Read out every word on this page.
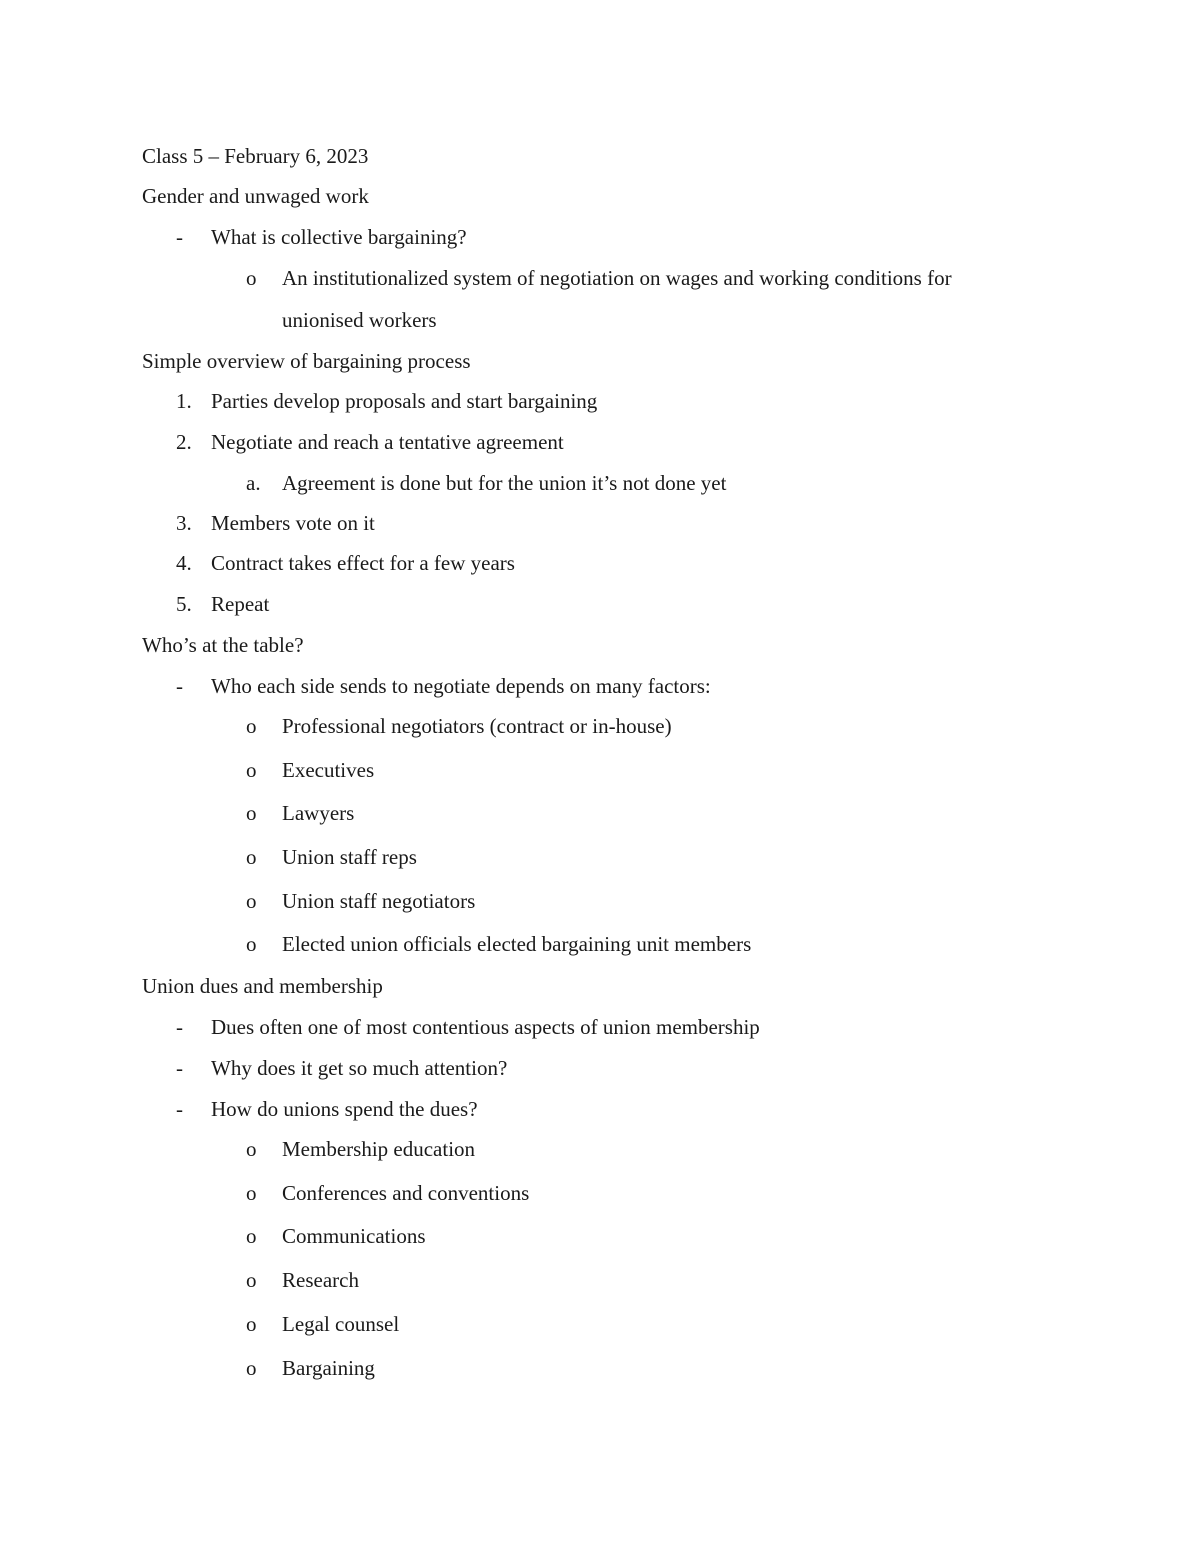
Class 5 – February 6, 2023
Gender and unwaged work
- What is collective bargaining?
o An institutionalized system of negotiation on wages and working conditions for
unionised workers
Simple overview of bargaining process
1. Parties develop proposals and start bargaining
2. Negotiate and reach a tentative agreement
a. Agreement is done but for the union it’s not done yet
3. Members vote on it
4. Contract takes effect for a few years
5. Repeat
Who’s at the table?
- Who each side sends to negotiate depends on many factors:
o Professional negotiators (contract or in-house)
o Executives
o Lawyers
o Union staff reps
o Union staff negotiators
o Elected union officials elected bargaining unit members
Union dues and membership
- Dues often one of most contentious aspects of union membership
- Why does it get so much attention?
- How do unions spend the dues?
o Membership education
o Conferences and conventions
o Communications
o Research
o Legal counsel
o Bargaining
